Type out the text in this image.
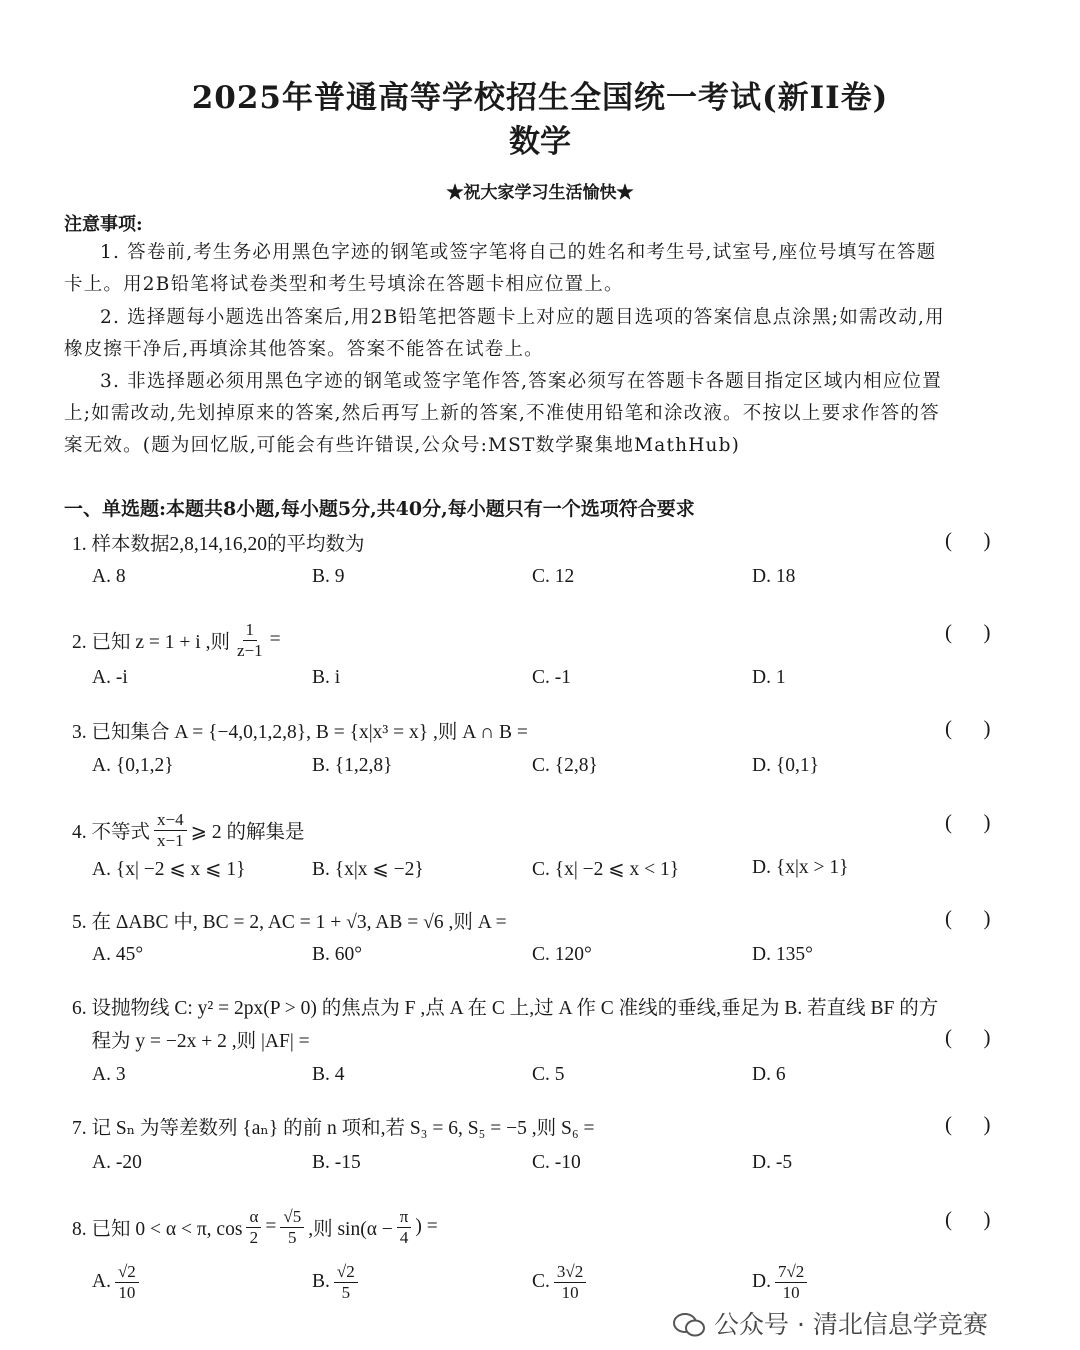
2025年普通高等学校招生全国统一考试(新II卷)
数学
★祝大家学习生活愉快★
注意事项:
1. 答卷前,考生务必用黑色字迹的钢笔或签字笔将自己的姓名和考生号,试室号,座位号填写在答题
卡上。用2B铅笔将试卷类型和考生号填涂在答题卡相应位置上。
2. 选择题每小题选出答案后,用2B铅笔把答题卡上对应的题目选项的答案信息点涂黑;如需改动,用
橡皮擦干净后,再填涂其他答案。答案不能答在试卷上。
3. 非选择题必须用黑色字迹的钢笔或签字笔作答,答案必须写在答题卡各题目指定区域内相应位置
上;如需改动,先划掉原来的答案,然后再写上新的答案,不准使用铅笔和涂改液。不按以上要求作答的答
案无效。(题为回忆版,可能会有些许错误,公众号:MST数学聚集地MathHub)
一、单选题:本题共8小题,每小题5分,共40分,每小题只有一个选项符合要求
1. 样本数据2,8,14,16,20的平均数为	(      )
A. 8	B. 9	C. 12	D. 18
2. 已知 z = 1 + i ,则 $\frac{1}{z-1}$ =	(      )
A. -i	B. i	C. -1	D. 1
3. 已知集合 A = {−4,0,1,2,8}, B = {x|x³ = x} ,则 A ∩ B =	(      )
A. {0,1,2}	B. {1,2,8}	C. {2,8}	D. {0,1}
4. 不等式 $\frac{x-4}{x-1}$ ⩾ 2 的解集是	(      )
A. {x| −2 ⩽ x ⩽ 1}	B. {x|x ⩽ −2}	C. {x| −2 ⩽ x < 1}	D. {x|x > 1}
5. 在 ΔABC 中, BC = 2, AC = 1 + √3, AB = √6 ,则 A =	(      )
A. 45°	B. 60°	C. 120°	D. 135°
6. 设抛物线 C: y² = 2px(P > 0) 的焦点为 F ,点 A 在 C 上,过 A 作 C 准线的垂线,垂足为 B. 若直线 BF 的方
程为 y = −2x + 2 ,则 |AF| =	(      )
A. 3	B. 4	C. 5	D. 6
7. 记 Sₙ 为等差数列 {aₙ} 的前 n 项和,若 S₃ = 6, S₅ = −5 ,则 S₆ =	(      )
A. -20	B. -15	C. -10	D. -5
8. 已知 0 < α < π, $\cos \frac{\alpha}{2} = \frac{√5}{5}$ ,则 $\sin(\alpha - \frac{\pi}{4}$ ) =	(      )
A. $\frac{√2}{10}$	B. $\frac{√2}{5}$	C. $\frac{3√2}{10}$	D. $\frac{7√2}{10}$
公众号 · 清北信息学竞赛
